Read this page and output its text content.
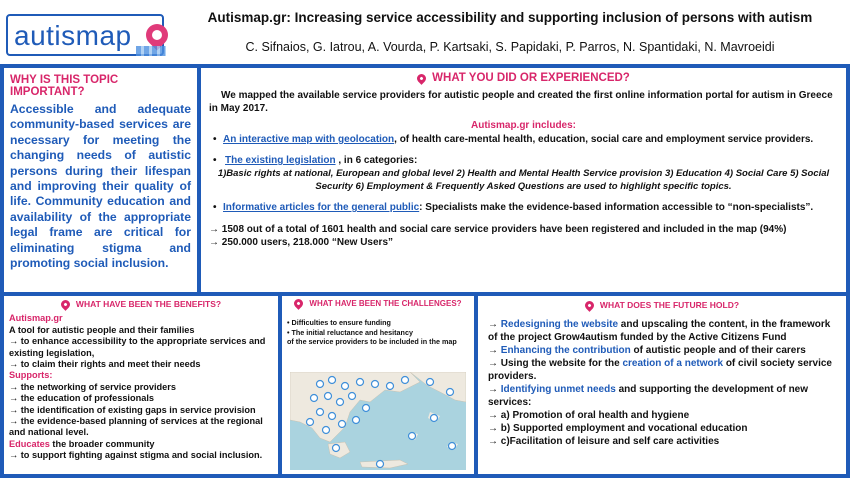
autismap
Autismap.gr: Increasing service accessibility and supporting inclusion of persons with autism
C. Sifnaios, G. Iatrou, A. Vourda, P. Kartsaki, S. Papidaki, P. Parros, N. Spantidaki, N. Mavroeidi
WHY IS THIS TOPIC IMPORTANT?
Accessible and adequate community-based services are necessary for meeting the changing needs of autistic persons during their lifespan and improving their quality of life. Community education and availability of the appropriate legal frame are critical for eliminating stigma and promoting social inclusion.
WHAT YOU DID OR EXPERIENCED?
We mapped the available service providers for autistic people and created the first online information portal for autism in Greece in May 2017.
Autismap.gr includes:
• An interactive map with geolocation, of health care-mental health, education, social care and employment service providers.
• The existing legislation , in 6 categories:
1)Basic rights at national, European and global level 2) Health and Mental Health Service provision 3) Education 4) Social Care 5) Social Security 6) Employment & Frequently Asked Questions are used to highlight specific topics.
• Informative articles for the general public: Specialists make the evidence-based information accessible to “non-specialists”.
→ 1508 out of a total of 1601 health and social care service providers have been registered and included in the map (94%)
→ 250.000 users, 218.000 “New Users”
WHAT HAVE BEEN THE BENEFITS?
Autismap.gr
A tool for autistic people and their families
→ to enhance accessibility to the appropriate services and existing legislation,
→ to claim their rights and meet their needs
Supports:
→ the networking of service providers
→ the education of professionals
→ the identification of existing gaps in service provision
→ the evidence-based planning of services at the regional and national level.
Educates the broader community
→ to support fighting against stigma and social inclusion.
WHAT HAVE BEEN THE CHALLENGES?
• Difficulties to ensure funding
• The initial reluctance and hesitancy
of the service providers to be included in the map
WHAT DOES THE FUTURE HOLD?
→ Redesigning the website and upscaling the content, in the framework of the project Grow4autism funded by the Active Citizens Fund
→ Enhancing the contribution of autistic people and of their carers
→ Using the website for the creation of a network of civil society service providers.
→ Identifying unmet needs and supporting the development of new services:
→ a) Promotion of oral health and hygiene
→ b) Supported employment and vocational education
→ c)Facilitation of leisure and self care activities
